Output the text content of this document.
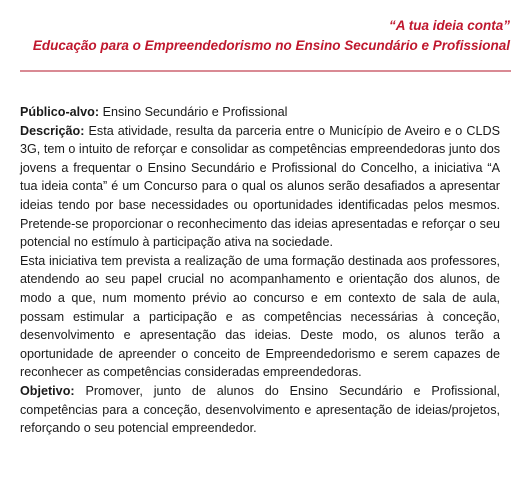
“A tua ideia conta”
Educação para o Empreendedorismo no Ensino Secundário e Profissional

Público-alvo: Ensino Secundário e Profissional

Descrição: Esta atividade, resulta da parceria entre o Município de Aveiro e o CLDS 3G, tem o intuito de reforçar e consolidar as competências empreendedoras junto dos jovens a frequentar o Ensino Secundário e Profissional do Concelho, a iniciativa “A tua ideia conta” é um Concurso para o qual os alunos serão desafiados a apresentar ideias tendo por base necessidades ou oportunidades identificadas pelos mesmos. Pretende-se proporcionar o reconhecimento das ideias apresentadas e reforçar o seu potencial no estímulo à participação ativa na sociedade.

Esta iniciativa tem prevista a realização de uma formação destinada aos professores, atendendo ao seu papel crucial no acompanhamento e orientação dos alunos, de modo a que, num momento prévio ao concurso e em contexto de sala de aula, possam estimular a participação e as competências necessárias à conceção, desenvolvimento e apresentação das ideias. Deste modo, os alunos terão a oportunidade de apreender o conceito de Empreendedorismo e serem capazes de reconhecer as competências consideradas empreendedoras.

Objetivo: Promover, junto de alunos do Ensino Secundário e Profissional, competências para a conceção, desenvolvimento e apresentação de ideias/projetos, reforçando o seu potencial empreendedor.
